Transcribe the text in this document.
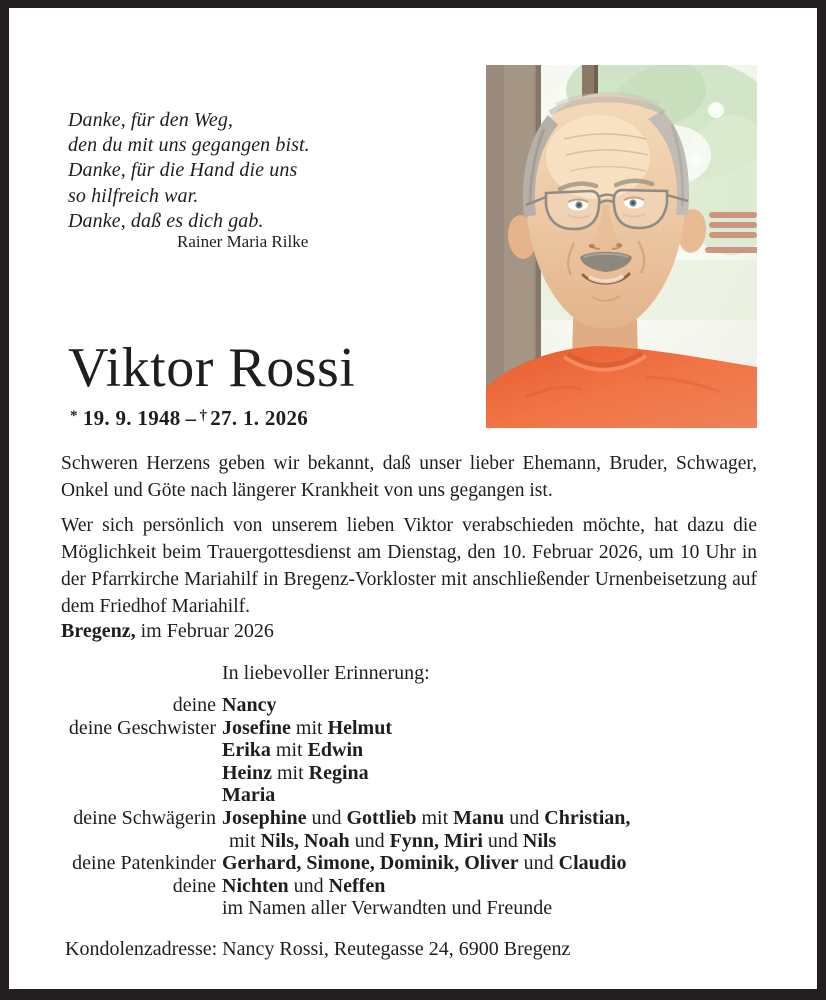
Danke, für den Weg,
den du mit uns gegangen bist.
Danke, für die Hand die uns
so hilfreich war.
Danke, daß es dich gab.
Rainer Maria Rilke
Viktor Rossi
* 19. 9. 1948 – † 27. 1. 2026
Schweren Herzens geben wir bekannt, daß unser lieber Ehemann, Bruder, Schwager, Onkel und Göte nach längerer Krankheit von uns gegangen ist.
Wer sich persönlich von unserem lieben Viktor verabschieden möchte, hat dazu die Möglichkeit beim Trauergottesdienst am Dienstag, den 10. Februar 2026, um 10 Uhr in der Pfarrkirche Mariahilf in Bregenz-Vorkloster mit anschließender Urnenbeisetzung auf dem Friedhof Mariahilf.
Bregenz, im Februar 2026
In liebevoller Erinnerung:
deine Nancy
deine Geschwister Josefine mit Helmut
Erika mit Edwin
Heinz mit Regina
Maria
deine Schwägerin Josephine und Gottlieb mit Manu und Christian,
mit Nils, Noah und Fynn, Miri und Nils
deine Patenkinder Gerhard, Simone, Dominik, Oliver und Claudio
deine Nichten und Neffen
im Namen aller Verwandten und Freunde
Kondolenzadresse: Nancy Rossi, Reutegasse 24, 6900 Bregenz
